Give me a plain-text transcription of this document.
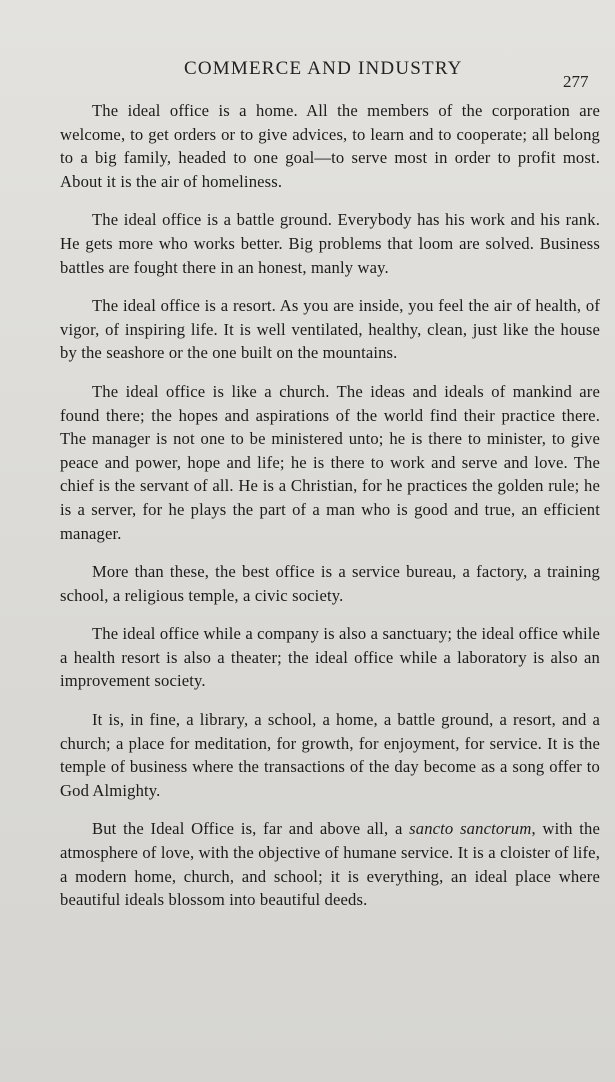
COMMERCE AND INDUSTRY
277

The ideal office is a home. All the members of the corporation are welcome, to get orders or to give advices, to learn and to cooperate; all belong to a big family, headed to one goal—to serve most in order to profit most. About it is the air of homeliness.

The ideal office is a battle ground. Everybody has his work and his rank. He gets more who works better. Big problems that loom are solved. Business battles are fought there in an honest, manly way.

The ideal office is a resort. As you are inside, you feel the air of health, of vigor, of inspiring life. It is well ventilated, healthy, clean, just like the house by the seashore or the one built on the mountains.

The ideal office is like a church. The ideas and ideals of mankind are found there; the hopes and aspirations of the world find their practice there. The manager is not one to be ministered unto; he is there to minister, to give peace and power, hope and life; he is there to work and serve and love. The chief is the servant of all. He is a Christian, for he practices the golden rule; he is a server, for he plays the part of a man who is good and true, an efficient manager.

More than these, the best office is a service bureau, a factory, a training school, a religious temple, a civic society.

The ideal office while a company is also a sanctuary; the ideal office while a health resort is also a theater; the ideal office while a laboratory is also an improvement society.

It is, in fine, a library, a school, a home, a battle ground, a resort, and a church; a place for meditation, for growth, for enjoyment, for service. It is the temple of business where the transactions of the day become as a song offer to God Almighty.

But the Ideal Office is, far and above all, a sancto sanctorum, with the atmosphere of love, with the objective of humane service. It is a cloister of life, a modern home, church, and school; it is everything, an ideal place where beautiful ideals blossom into beautiful deeds.
